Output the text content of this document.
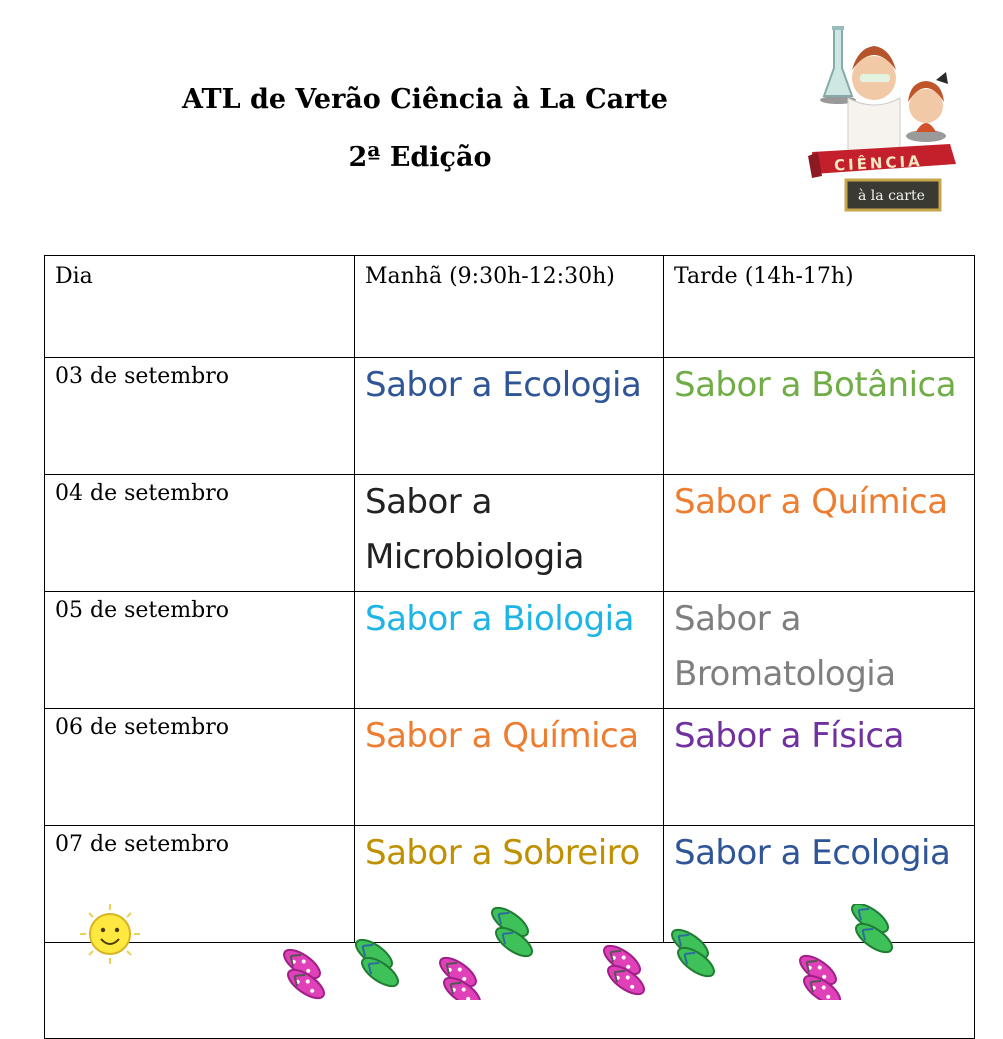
ATL de Verão Ciência à La Carte
2ª Edição	CIÊNCIA
à la carte
Dia	Manhã (9:30h-12:30h)	Tarde (14h-17h)
03 de setembro	Sabor a Ecologia	Sabor a Botânica
04 de setembro	Sabor a Microbiologia	Sabor a Química
05 de setembro	Sabor a Biologia	Sabor a Bromatologia
06 de setembro	Sabor a Química	Sabor a Física
07 de setembro	Sabor a Sobreiro	Sabor a Ecologia
